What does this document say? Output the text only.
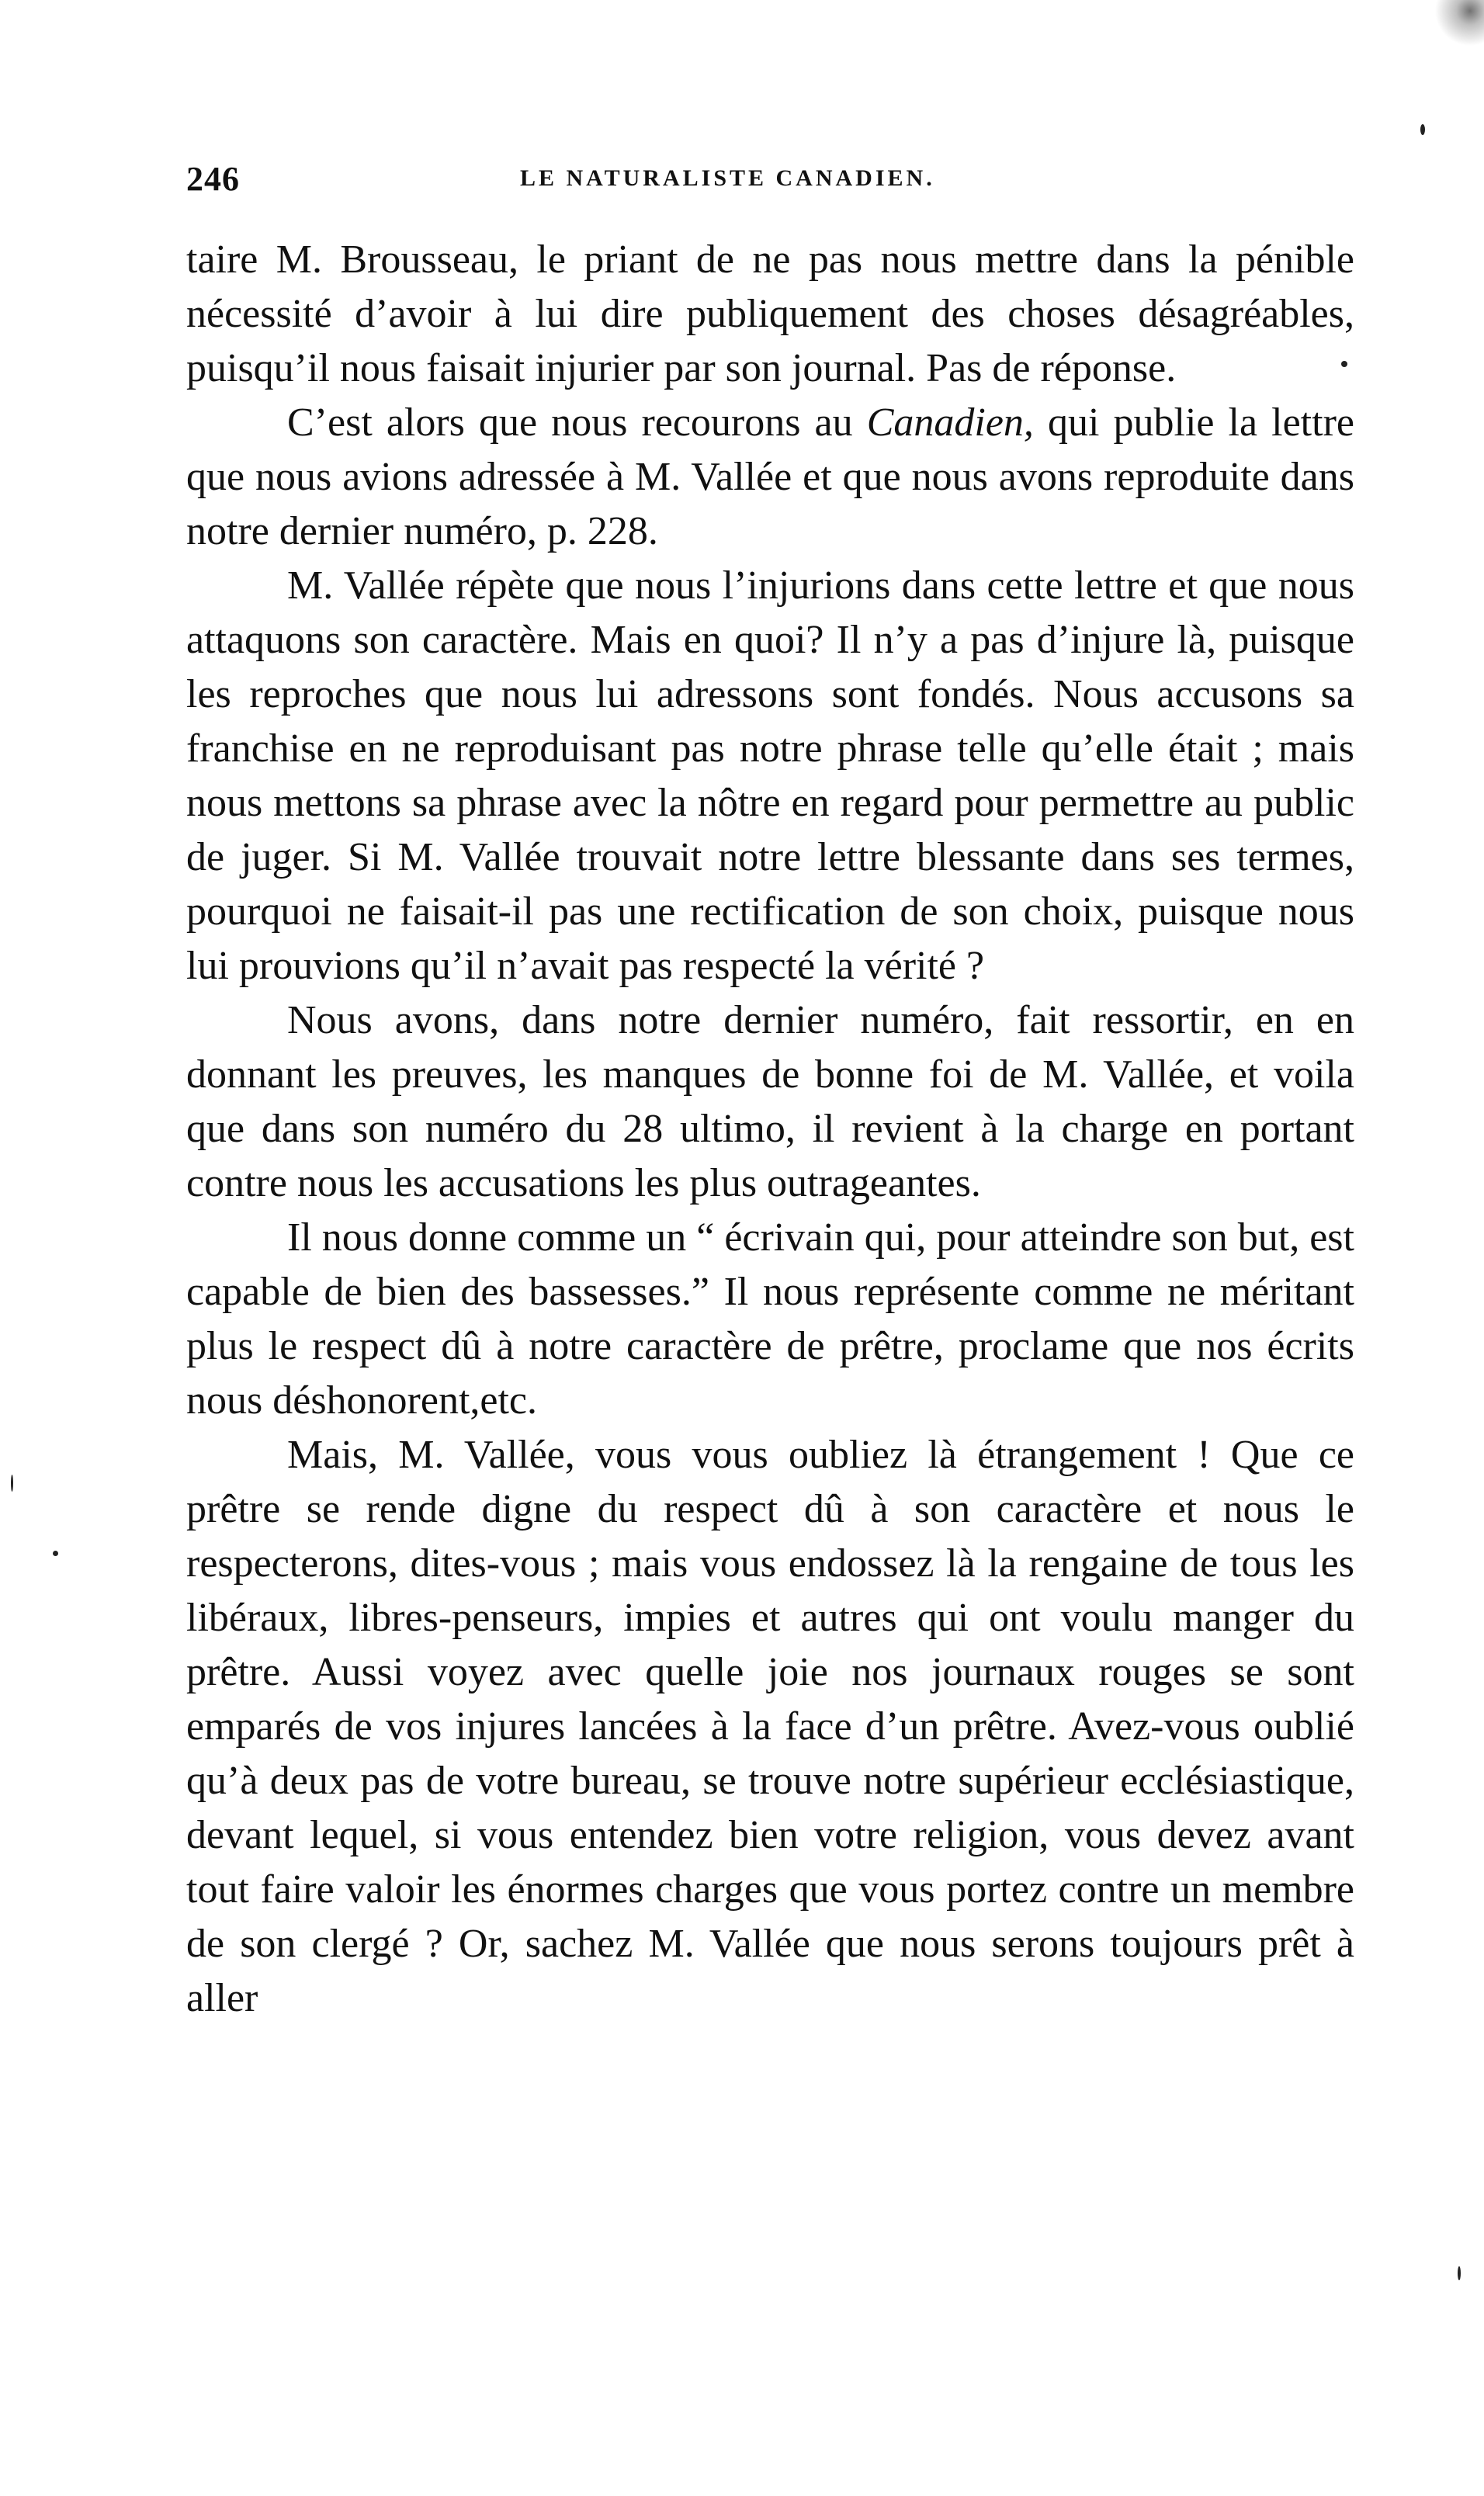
246	LE NATURALISTE CANADIEN.

taire M. Brousseau, le priant de ne pas nous mettre dans la pénible nécessité d’avoir à lui dire publiquement des choses désagréables, puisqu’il nous faisait injurier par son journal. Pas de réponse.

C’est alors que nous recourons au Canadien, qui publie la lettre que nous avions adressée à M. Vallée et que nous avons reproduite dans notre dernier numéro, p. 228.

M. Vallée répète que nous l’injurions dans cette lettre et que nous attaquons son caractère. Mais en quoi? Il n’y a pas d’injure là, puisque les reproches que nous lui adressons sont fondés. Nous accusons sa franchise en ne reproduisant pas notre phrase telle qu’elle était ; mais nous mettons sa phrase avec la nôtre en regard pour permettre au public de juger. Si M. Vallée trouvait notre lettre blessante dans ses termes, pourquoi ne faisait-il pas une rectification de son choix, puisque nous lui prouvions qu’il n’avait pas respecté la vérité ?

Nous avons, dans notre dernier numéro, fait ressortir, en en donnant les preuves, les manques de bonne foi de M. Vallée, et voila que dans son numéro du 28 ultimo, il revient à la charge en portant contre nous les accusations les plus outrageantes.

Il nous donne comme un “ écrivain qui, pour atteindre son but, est capable de bien des bassesses.” Il nous représente comme ne méritant plus le respect dû à notre caractère de prêtre, proclame que nos écrits nous déshonorent,etc.

Mais, M. Vallée, vous vous oubliez là étrangement ! Que ce prêtre se rende digne du respect dû à son caractère et nous le respecterons, dites-vous ; mais vous endossez là la rengaine de tous les libéraux, libres-penseurs, impies et autres qui ont voulu manger du prêtre. Aussi voyez avec quelle joie nos journaux rouges se sont emparés de vos injures lancées à la face d’un prêtre. Avez-vous oublié qu’à deux pas de votre bureau, se trouve notre supérieur ecclésiastique, devant lequel, si vous entendez bien votre religion, vous devez avant tout faire valoir les énormes charges que vous portez contre un membre de son clergé ? Or, sachez M. Vallée que nous serons toujours prêt à aller
